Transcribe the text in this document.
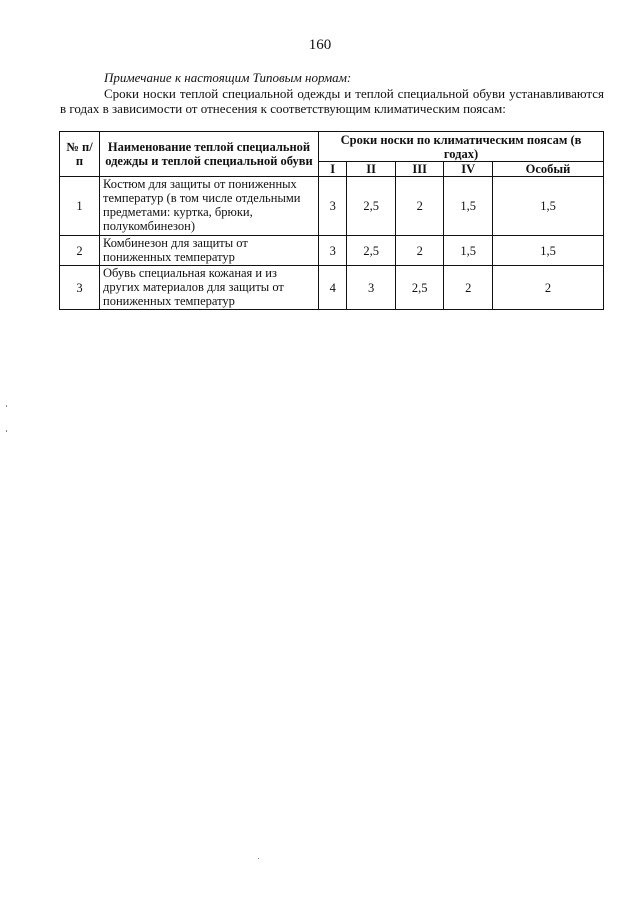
160
Примечание к настоящим Типовым нормам:
Сроки носки теплой специальной одежды и теплой специальной обуви устанавливаются в годах в зависимости от отнесения к соответствующим климатическим поясам:
№ п/п	Наименование теплой специальной одежды и теплой специальной обуви	Сроки носки по климатическим поясам (в годах)				
		I	II	III	IV	Особый
1	Костюм для защиты от пониженных температур (в том числе отдельными предметами: куртка, брюки, полукомбинезон)	3	2,5	2	1,5	1,5
2	Комбинезон для защиты от пониженных температур	3	2,5	2	1,5	1,5
3	Обувь специальная кожаная и из других материалов для защиты от пониженных температур	4	3	2,5	2	2
